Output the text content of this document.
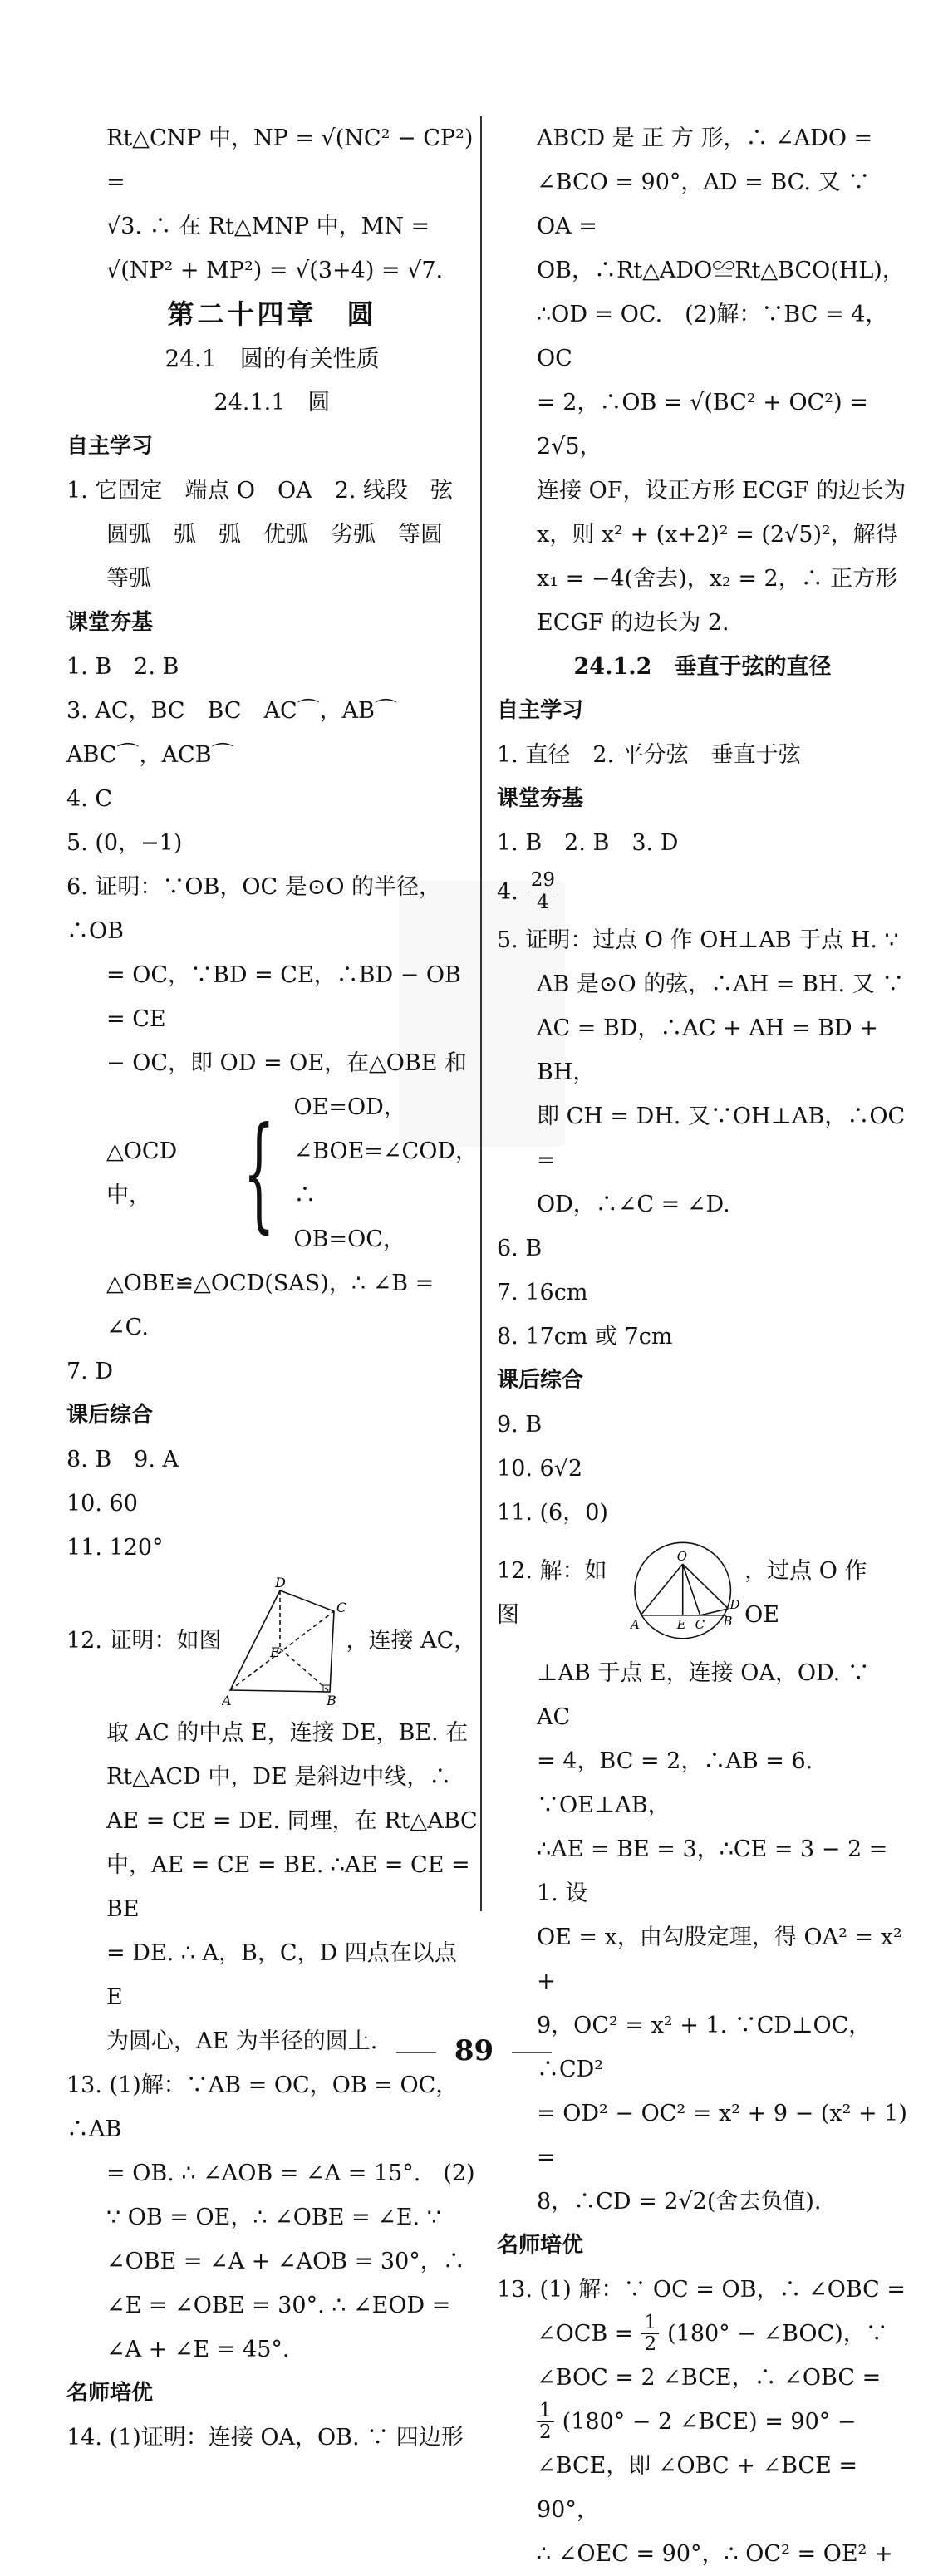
Rt△CNP 中，NP = √(NC² − CP²) =

√3. ∴ 在 Rt△MNP 中，MN =

√(NP² + MP²) = √(3+4) = √7.

第二十四章　圆

24.1　圆的有关性质

24.1.1　圆

自主学习

1. 它固定　端点 O　OA　2. 线段　弦

圆弧　弧　弧　优弧　劣弧　等圆

等弧

课堂夯基

1. B　2. B

3. AC，BC　BC　AC⌒，AB⌒　ABC⌒，ACB⌒

4. C

5. (0，−1)

6. 证明：∵OB，OC 是⊙O 的半径，∴OB

= OC，∵BD = CE，∴BD − OB = CE

− OC，即 OD = OE，在△OBE 和

△OCD 中， { OE=OD，
∠BOE=∠COD，∴
OB=OC，

△OBE≌△OCD(SAS)，∴ ∠B =

∠C.

7. D

课后综合

8. B　9. A

10. 60

11. 120°

12. 证明：如图
D
C
E
A	B
，连接 AC，

取 AC 的中点 E，连接 DE，BE. 在

Rt△ACD 中，DE 是斜边中线，∴

AE = CE = DE. 同理，在 Rt△ABC

中，AE = CE = BE. ∴AE = CE = BE

= DE. ∴ A，B，C，D 四点在以点 E

为圆心，AE 为半径的圆上.

13. (1)解：∵AB = OC，OB = OC，∴AB

= OB. ∴ ∠AOB = ∠A = 15°.　(2)

∵ OB = OE，∴ ∠OBE = ∠E. ∵

∠OBE = ∠A + ∠AOB = 30°，∴

∠E = ∠OBE = 30°. ∴ ∠EOD =

∠A + ∠E = 45°.

名师培优

14. (1)证明：连接 OA，OB. ∵ 四边形

ABCD 是 正 方 形，∴ ∠ADO =

∠BCO = 90°，AD = BC. 又 ∵ OA =

OB，∴Rt△ADO≌Rt△BCO(HL)，

∴OD = OC.　(2)解：∵BC = 4，OC

= 2，∴OB = √(BC² + OC²) = 2√5，

连接 OF，设正方形 ECGF 的边长为

x，则 x² + (x+2)² = (2√5)²，解得

x₁ = −4(舍去)，x₂ = 2，∴ 正方形

ECGF 的边长为 2.

24.1.2　垂直于弦的直径

自主学习

1. 直径　2. 平分弦　垂直于弦

课堂夯基

1. B　2. B　3. D

4. $\frac{29}{4}$

5. 证明：过点 O 作 OH⊥AB 于点 H. ∵

AB 是⊙O 的弦，∴AH = BH. 又 ∵

AC = BD，∴AC + AH = BD + BH，

即 CH = DH. 又∵OH⊥AB，∴OC =

OD，∴∠C = ∠D.

6. B

7. 16cm

8. 17cm 或 7cm

课后综合

9. B

10. 6√2

11. (6，0)

12. 解：如图
O
D
A	E C B
，过点 O 作 OE

⊥AB 于点 E，连接 OA，OD. ∵ AC

= 4，BC = 2，∴AB = 6. ∵OE⊥AB，

∴AE = BE = 3，∴CE = 3 − 2 = 1. 设

OE = x，由勾股定理，得 OA² = x² +

9，OC² = x² + 1. ∵CD⊥OC，∴CD²

= OD² − OC² = x² + 9 − (x² + 1) =

8，∴CD = 2√2(舍去负值).

名师培优

13. (1) 解：∵ OC = OB，∴ ∠OBC =

∠OCB = $\frac{1}{2} (180^\circ$ − ∠BOC)，∵

∠BOC = 2 ∠BCE，∴ ∠OBC =

$\frac{1}{2} (180^\circ - 2$ ∠BCE) = 90° −

∠BCE，即 ∠OBC + ∠BCE = 90°，

∴ ∠OEC = 90°，∴ OC² = OE² +

89
